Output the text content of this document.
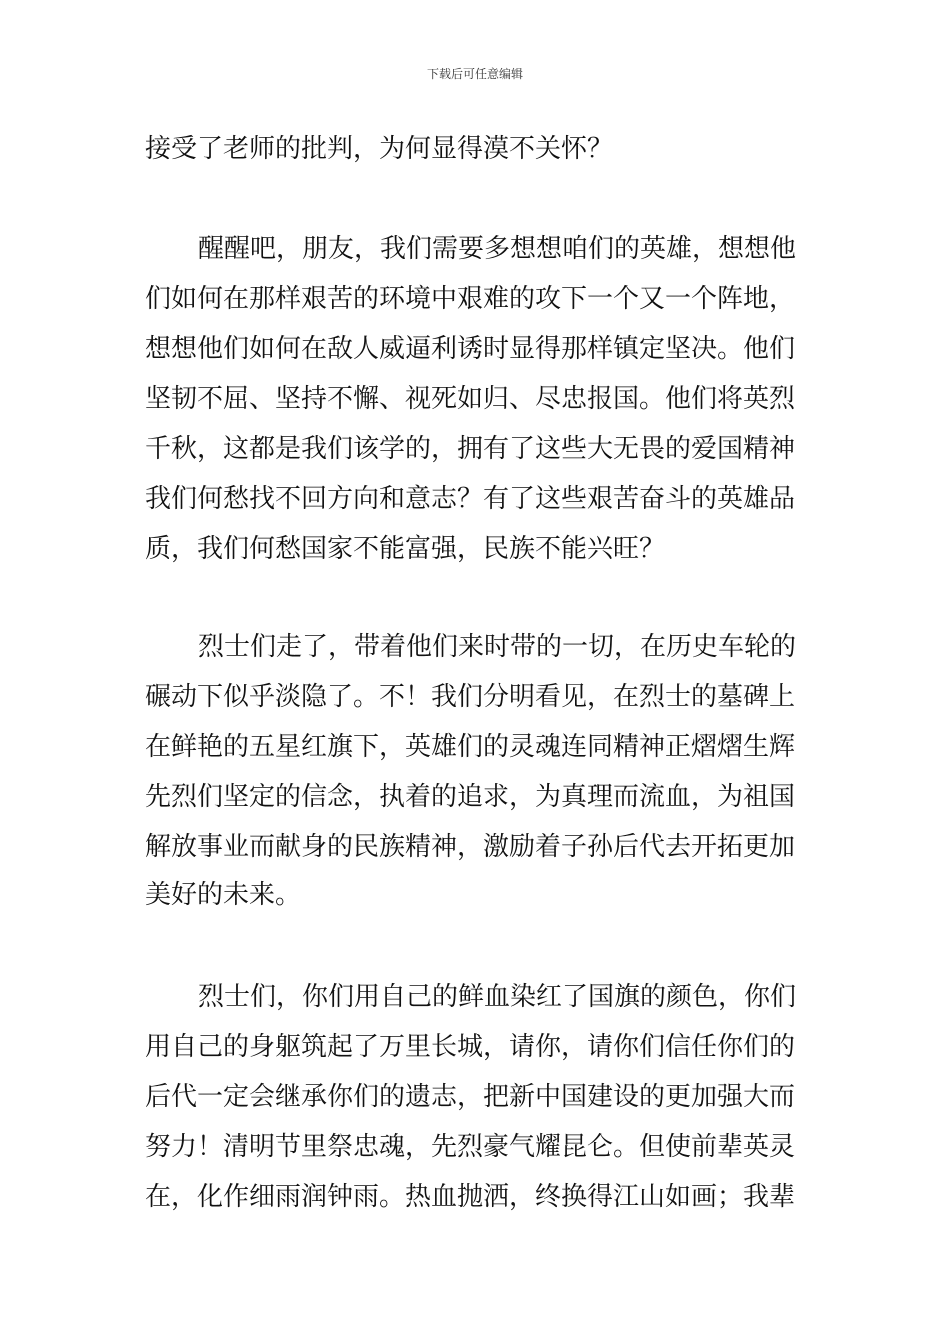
下载后可任意编辑
接受了老师的批判，为何显得漠不关怀？
醒醒吧，朋友，我们需要多想想咱们的英雄，想想他
们如何在那样艰苦的环境中艰难的攻下一个又一个阵地，
想想他们如何在敌人威逼利诱时显得那样镇定坚决。他们
坚韧不屈、坚持不懈、视死如归、尽忠报国。他们将英烈
千秋，这都是我们该学的，拥有了这些大无畏的爱国精神
我们何愁找不回方向和意志？有了这些艰苦奋斗的英雄品
质，我们何愁国家不能富强，民族不能兴旺？
烈士们走了，带着他们来时带的一切，在历史车轮的
碾动下似乎淡隐了。不！我们分明看见，在烈士的墓碑上
在鲜艳的五星红旗下，英雄们的灵魂连同精神正熠熠生辉
先烈们坚定的信念，执着的追求，为真理而流血，为祖国
解放事业而献身的民族精神，激励着子孙后代去开拓更加
美好的未来。
烈士们，你们用自己的鲜血染红了国旗的颜色，你们
用自己的身躯筑起了万里长城，请你，请你们信任你们的
后代一定会继承你们的遗志，把新中国建设的更加强大而
努力！清明节里祭忠魂，先烈豪气耀昆仑。但使前辈英灵
在，化作细雨润钟雨。热血抛洒，终换得江山如画；我辈
